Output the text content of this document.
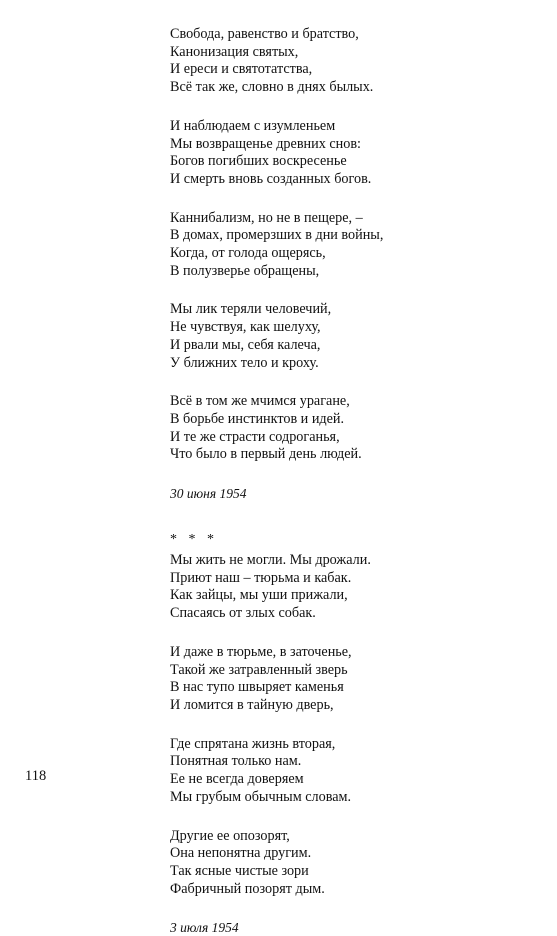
Свобода, равенство и братство,
Канонизация святых,
И ереси и святотатства,
Всё так же, словно в днях былых.
И наблюдаем с изумленьем
Мы возвращенье древних снов:
Богов погибших воскресенье
И смерть вновь созданных богов.
Каннибализм, но не в пещере, –
В домах, промерзших в дни войны,
Когда, от голода ощерясь,
В полузверье обращены,
Мы лик теряли человечий,
Не чувствуя, как шелуху,
И рвали мы, себя калеча,
У ближних тело и кроху.
Всё в том же мчимся урагане,
В борьбе инстинктов и идей.
И те же страсти содроганья,
Что было в первый день людей.
30 июня 1954
* * *
Мы жить не могли. Мы дрожали.
Приют наш – тюрьма и кабак.
Как зайцы, мы уши прижали,
Спасаясь от злых собак.
И даже в тюрьме, в заточенье,
Такой же затравленный зверь
В нас тупо швыряет каменья
И ломится в тайную дверь,
Где спрятана жизнь вторая,
Понятная только нам.
Ее не всегда доверяем
Мы грубым обычным словам.
Другие ее опозорят,
Она непонятна другим.
Так ясные чистые зори
Фабричный позорят дым.
3 июля 1954
118
